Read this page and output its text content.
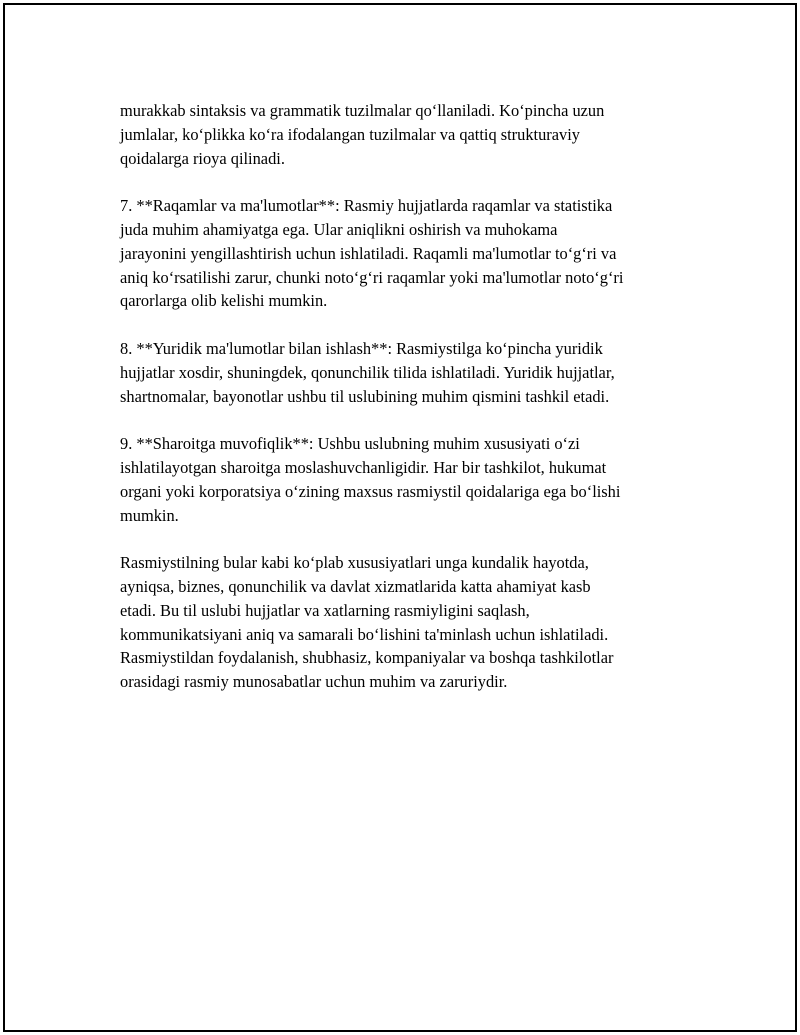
murakkab sintaksis va grammatik tuzilmalar qo‘llaniladi. Ko‘pincha uzun
jumlalar, ko‘plikka ko‘ra ifodalangan tuzilmalar va qattiq strukturaviy
qoidalarga rioya qilinadi.

7. **Raqamlar va ma'lumotlar**: Rasmiy hujjatlarda raqamlar va statistika
juda muhim ahamiyatga ega. Ular aniqlikni oshirish va muhokama
jarayonini yengillashtirish uchun ishlatiladi. Raqamli ma'lumotlar to‘g‘ri va
aniq ko‘rsatilishi zarur, chunki noto‘g‘ri raqamlar yoki ma'lumotlar noto‘g‘ri
qarorlarga olib kelishi mumkin.

8. **Yuridik ma'lumotlar bilan ishlash**: Rasmiystilga ko‘pincha yuridik
hujjatlar xosdir, shuningdek, qonunchilik tilida ishlatiladi. Yuridik hujjatlar,
shartnomalar, bayonotlar ushbu til uslubining muhim qismini tashkil etadi.

9. **Sharoitga muvofiqlik**: Ushbu uslubning muhim xususiyati o‘zi
ishlatilayotgan sharoitga moslashuvchanligidir. Har bir tashkilot, hukumat
organi yoki korporatsiya o‘zining maxsus rasmiystil qoidalariga ega bo‘lishi
mumkin.

Rasmiystilning bular kabi ko‘plab xususiyatlari unga kundalik hayotda,
ayniqsa, biznes, qonunchilik va davlat xizmatlarida katta ahamiyat kasb
etadi. Bu til uslubi hujjatlar va xatlarning rasmiyligini saqlash,
kommunikatsiyani aniq va samarali bo‘lishini ta'minlash uchun ishlatiladi.
Rasmiystildan foydalanish, shubhasiz, kompaniyalar va boshqa tashkilotlar
orasidagi rasmiy munosabatlar uchun muhim va zaruriydir.
